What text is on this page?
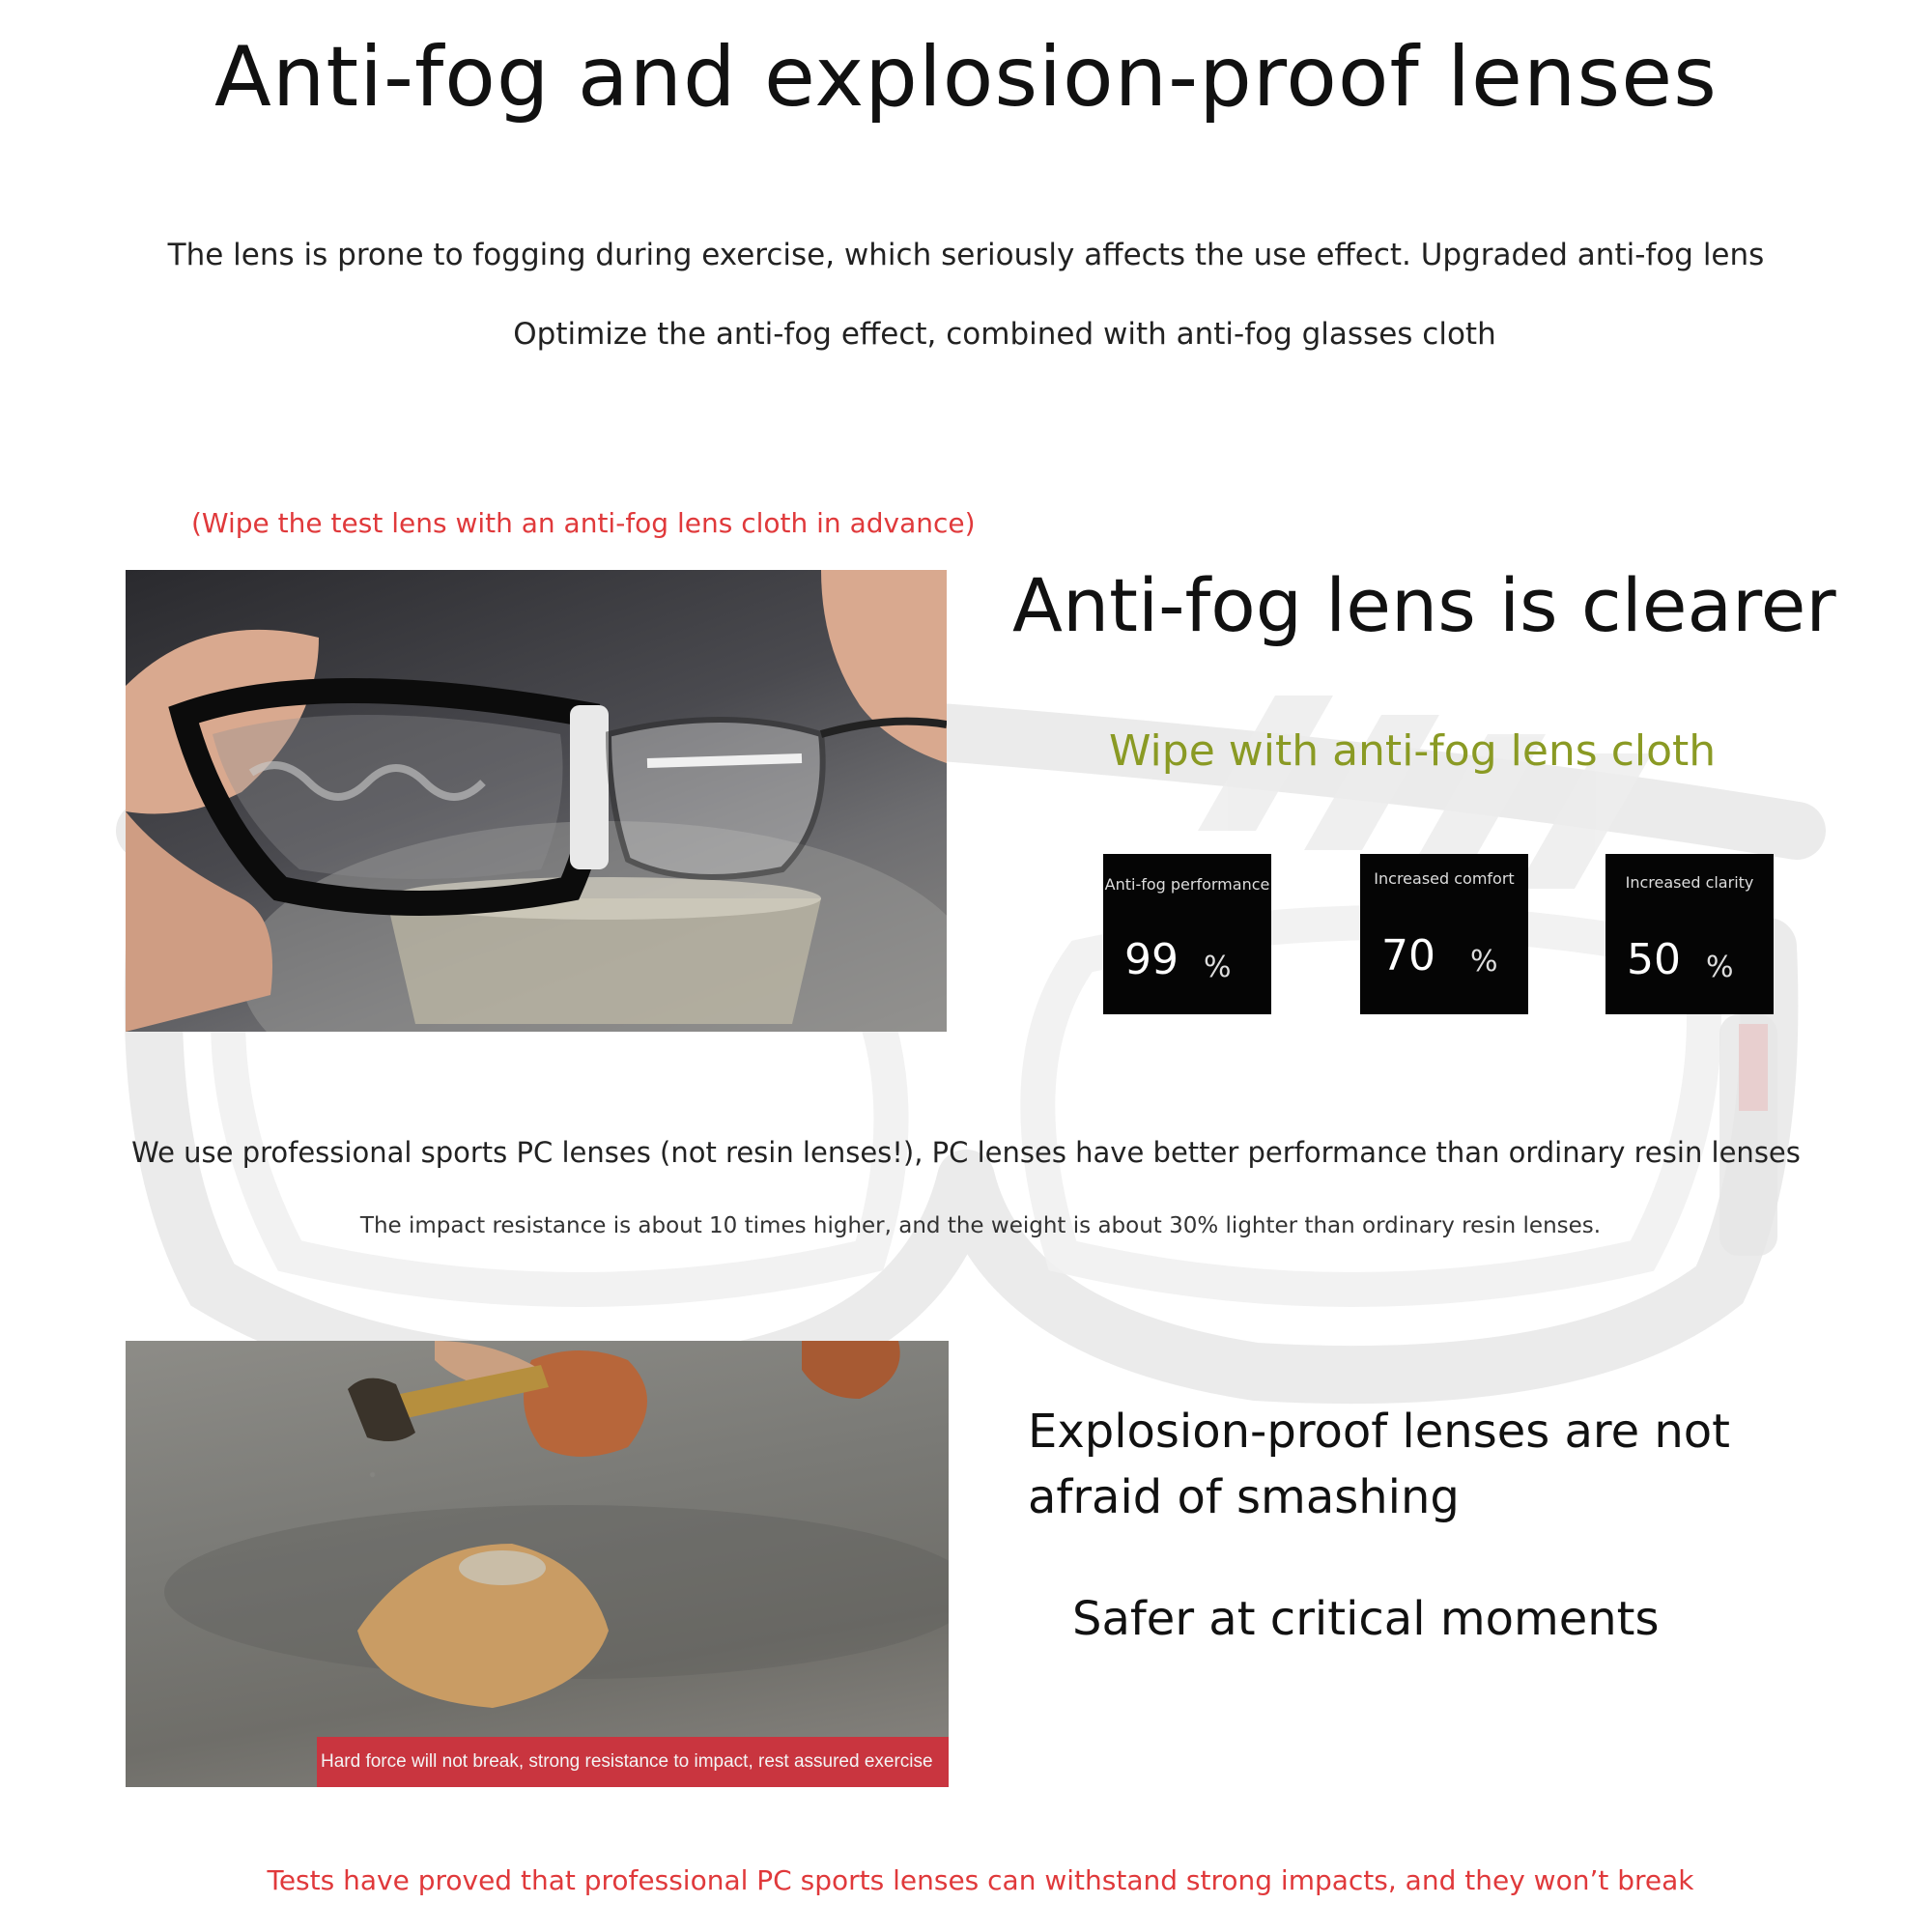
Anti-fog and explosion-proof lenses
The lens is prone to fogging during exercise, which seriously affects the use effect. Upgraded anti-fog lens
Optimize the anti-fog effect, combined with anti-fog glasses cloth
(Wipe the test lens with an anti-fog lens cloth in advance)
Anti-fog lens is clearer
Wipe with anti-fog lens cloth
Anti-fog performance
99 %
Increased comfort
70 %
Increased clarity
50 %
We use professional sports PC lenses (not resin lenses!), PC lenses have better performance than ordinary resin lenses
The impact resistance is about 10 times higher, and the weight is about 30% lighter than ordinary resin lenses.
Hard force will not break, strong resistance to impact, rest assured exercise
Explosion-proof lenses are not
afraid of smashing
Safer at critical moments
Tests have proved that professional PC sports lenses can withstand strong impacts, and they won’t break
